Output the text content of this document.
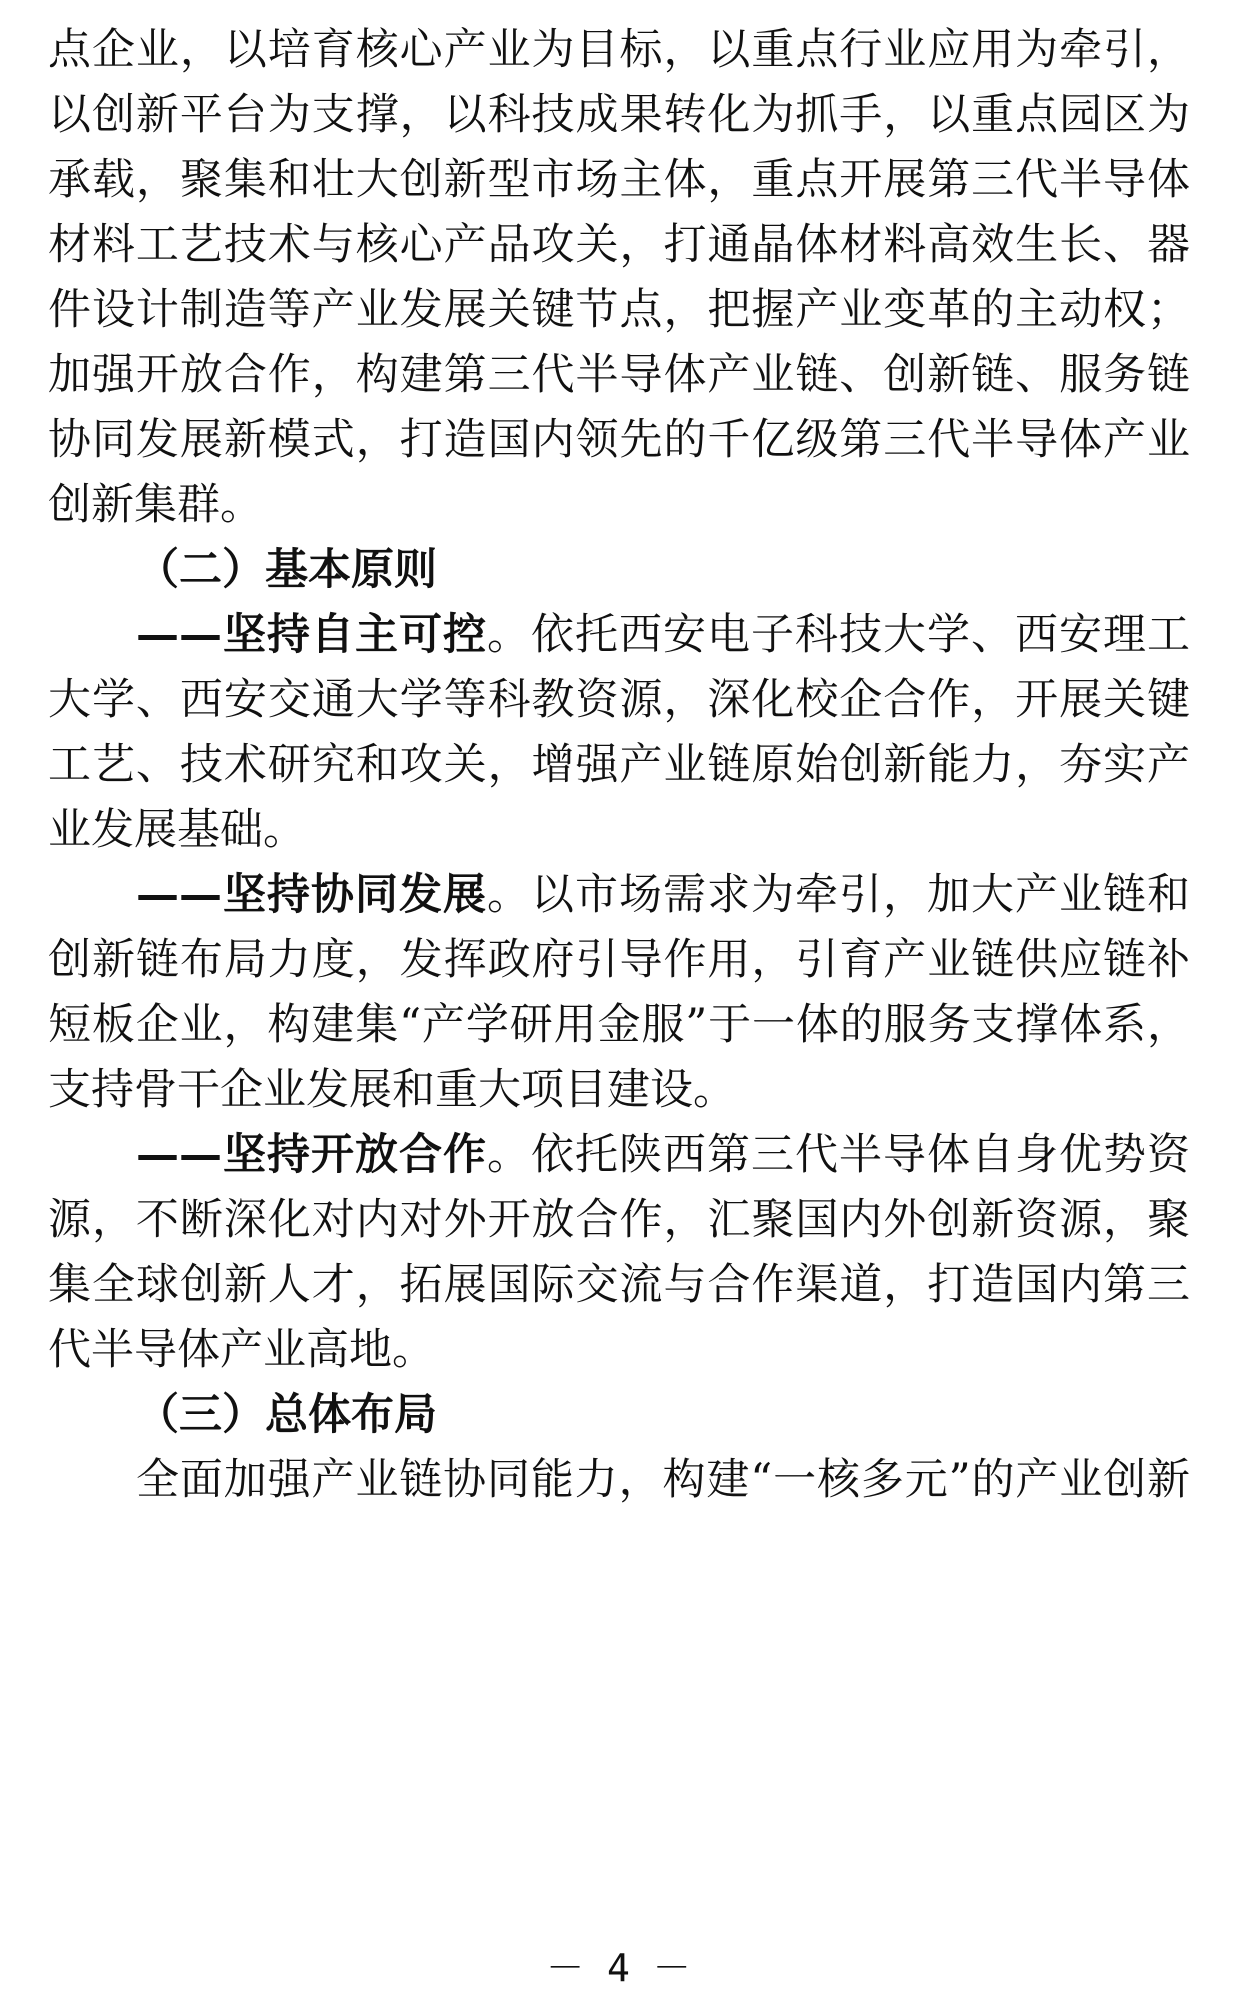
点企业，以培育核心产业为目标，以重点行业应用为牵引，
以创新平台为支撑，以科技成果转化为抓手，以重点园区为
承载，聚集和壮大创新型市场主体，重点开展第三代半导体
材料工艺技术与核心产品攻关，打通晶体材料高效生长、器
件设计制造等产业发展关键节点，把握产业变革的主动权；
加强开放合作，构建第三代半导体产业链、创新链、服务链
协同发展新模式，打造国内领先的千亿级第三代半导体产业
创新集群。
（二）基本原则
——坚持自主可控。依托西安电子科技大学、西安理工
大学、西安交通大学等科教资源，深化校企合作，开展关键
工艺、技术研究和攻关，增强产业链原始创新能力，夯实产
业发展基础。
——坚持协同发展。以市场需求为牵引，加大产业链和
创新链布局力度，发挥政府引导作用，引育产业链供应链补
短板企业，构建集“产学研用金服”于一体的服务支撑体系，
支持骨干企业发展和重大项目建设。
——坚持开放合作。依托陕西第三代半导体自身优势资
源，不断深化对内对外开放合作，汇聚国内外创新资源，聚
集全球创新人才，拓展国际交流与合作渠道，打造国内第三
代半导体产业高地。
（三）总体布局
全面加强产业链协同能力，构建“一核多元”的产业创新
－ 4 －
